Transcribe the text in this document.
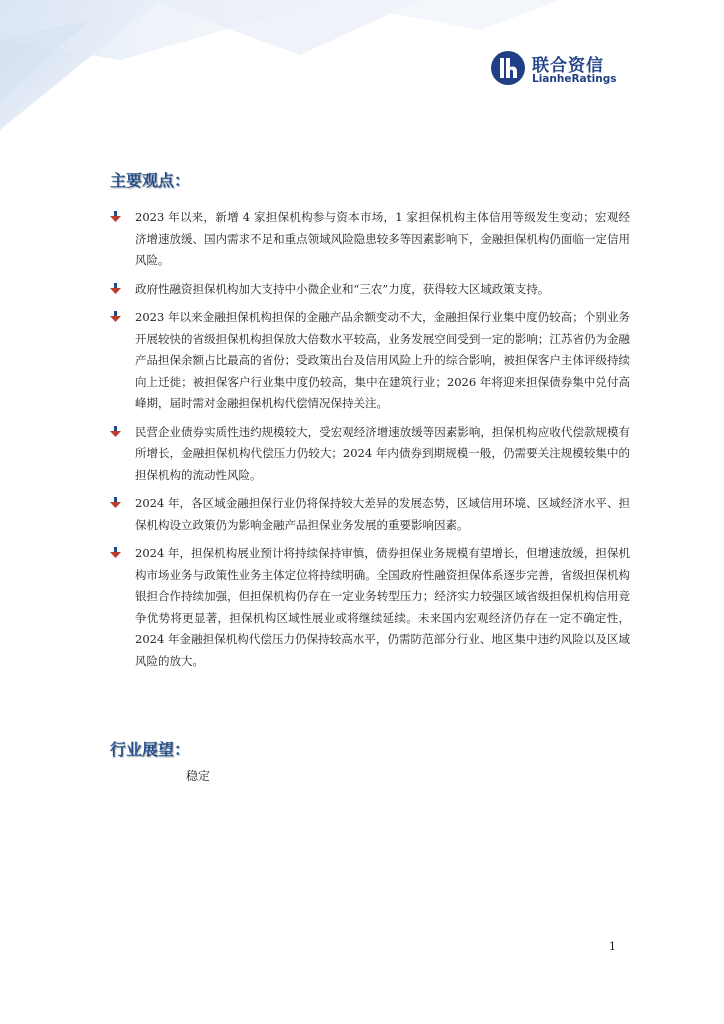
联合资信
LianheRatings
主要观点：
2023 年以来，新增 4 家担保机构参与资本市场，1 家担保机构主体信用等级发生变动；宏观经济增速放缓、国内需求不足和重点领域风险隐患较多等因素影响下，金融担保机构仍面临一定信用风险。
政府性融资担保机构加大支持中小微企业和“三农”力度，获得较大区域政策支持。
2023 年以来金融担保机构担保的金融产品余额变动不大，金融担保行业集中度仍较高；个别业务开展较快的省级担保机构担保放大倍数水平较高，业务发展空间受到一定的影响；江苏省仍为金融产品担保余额占比最高的省份；受政策出台及信用风险上升的综合影响，被担保客户主体评级持续向上迁徙；被担保客户行业集中度仍较高，集中在建筑行业；2026 年将迎来担保债券集中兑付高峰期，届时需对金融担保机构代偿情况保持关注。
民营企业债券实质性违约规模较大，受宏观经济增速放缓等因素影响，担保机构应收代偿款规模有所增长，金融担保机构代偿压力仍较大；2024 年内债券到期规模一般，仍需要关注规模较集中的担保机构的流动性风险。
2024 年，各区域金融担保行业仍将保持较大差异的发展态势，区域信用环境、区域经济水平、担保机构设立政策仍为影响金融产品担保业务发展的重要影响因素。
2024 年，担保机构展业预计将持续保持审慎，债券担保业务规模有望增长，但增速放缓，担保机构市场业务与政策性业务主体定位将持续明确。全国政府性融资担保体系逐步完善，省级担保机构银担合作持续加强，但担保机构仍存在一定业务转型压力；经济实力较强区域省级担保机构信用竞争优势将更显著，担保机构区域性展业或将继续延续。未来国内宏观经济仍存在一定不确定性，2024 年金融担保机构代偿压力仍保持较高水平，仍需防范部分行业、地区集中违约风险以及区域风险的放大。
行业展望：
稳定
1
